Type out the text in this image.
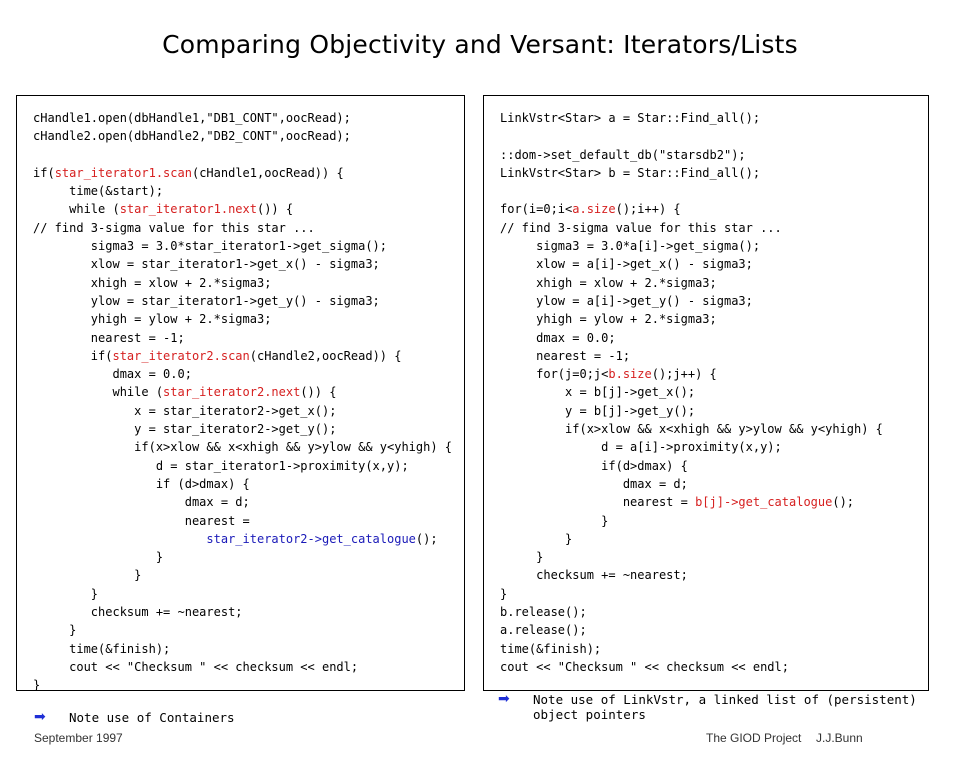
Comparing Objectivity and Versant: Iterators/Lists
cHandle1.open(dbHandle1,"DB1_CONT",oocRead);
cHandle2.open(dbHandle2,"DB2_CONT",oocRead);
if(star_iterator1.scan(cHandle1,oocRead)) {
time(&start);
while (star_iterator1.next()) {
// find 3-sigma value for this star ...
sigma3 = 3.0*star_iterator1->get_sigma();
xlow = star_iterator1->get_x() - sigma3;
xhigh = xlow + 2.*sigma3;
ylow = star_iterator1->get_y() - sigma3;
yhigh = ylow + 2.*sigma3;
nearest = -1;
if(star_iterator2.scan(cHandle2,oocRead)) {
dmax = 0.0;
while (star_iterator2.next()) {
x = star_iterator2->get_x();
y = star_iterator2->get_y();
if(x>xlow && x<xhigh && y>ylow && y<yhigh) {
d = star_iterator1->proximity(x,y);
if (d>dmax) {
dmax = d;
nearest =
star_iterator2->get_catalogue();
}
}
}
checksum += ~nearest;
}
time(&finish);
cout << "Checksum " << checksum << endl;
}
LinkVstr<Star> a = Star::Find_all();
::dom->set_default_db("starsdb2");
LinkVstr<Star> b = Star::Find_all();
for(i=0;i<a.size();i++) {
// find 3-sigma value for this star ...
sigma3 = 3.0*a[i]->get_sigma();
xlow = a[i]->get_x() - sigma3;
xhigh = xlow + 2.*sigma3;
ylow = a[i]->get_y() - sigma3;
yhigh = ylow + 2.*sigma3;
dmax = 0.0;
nearest = -1;
for(j=0;j<b.size();j++) {
x = b[j]->get_x();
y = b[j]->get_y();
if(x>xlow && x<xhigh && y>ylow && y<yhigh) {
d = a[i]->proximity(x,y);
if(d>dmax) {
dmax = d;
nearest = b[j]->get_catalogue();
}
}
}
checksum += ~nearest;
}
b.release();
a.release();
time(&finish);
cout << "Checksum " << checksum << endl;
➡ Note use of Containers
➡ Note use of LinkVstr, a linked list of (persistent)
object pointers
September 1997	The GIOD Project J.J.Bunn
